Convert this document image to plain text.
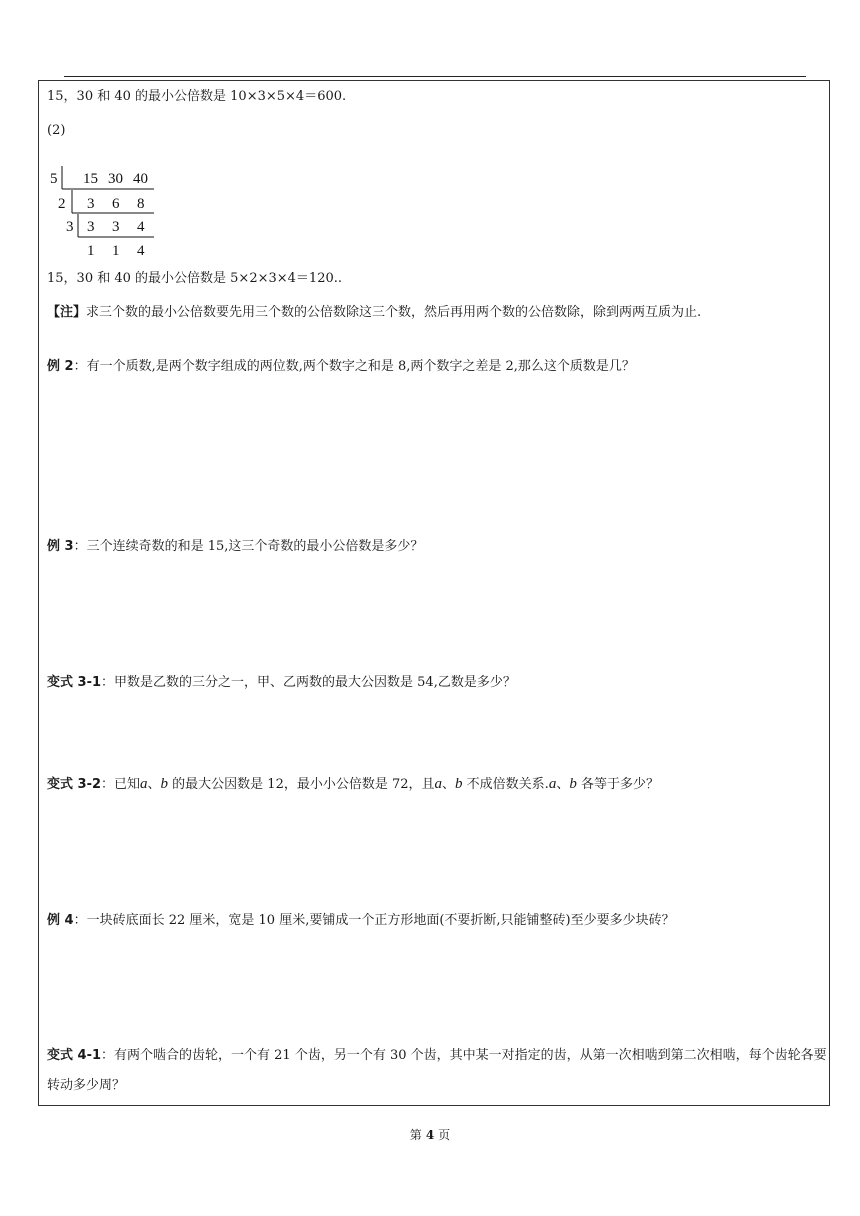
15，30 和 40 的最小公倍数是 10×3×5×4＝600.
(2)
5
2
3
15 30 40
3 6 8
3 3 4
1 1 4
15，30 和 40 的最小公倍数是 5×2×3×4＝120..
【注】求三个数的最小公倍数要先用三个数的公倍数除这三个数，然后再用两个数的公倍数除，除到两两互质为止.
例 2：有一个质数,是两个数字组成的两位数,两个数字之和是 8,两个数字之差是 2,那么这个质数是几？
例 3：三个连续奇数的和是 15,这三个奇数的最小公倍数是多少？
变式 3-1：甲数是乙数的三分之一，甲、乙两数的最大公因数是 54,乙数是多少？
变式 3-2：已知a、b 的最大公因数是 12，最小小公倍数是 72，且a、b 不成倍数关系.a、b 各等于多少？
例 4：一块砖底面长 22 厘米，宽是 10 厘米,要铺成一个正方形地面(不要折断,只能铺整砖)至少要多少块砖？
变式 4-1：有两个啮合的齿轮，一个有 21 个齿，另一个有 30 个齿，其中某一对指定的齿，从第一次相啮到第二次相啮，每个齿轮各要转动多少周？
第 4 页
